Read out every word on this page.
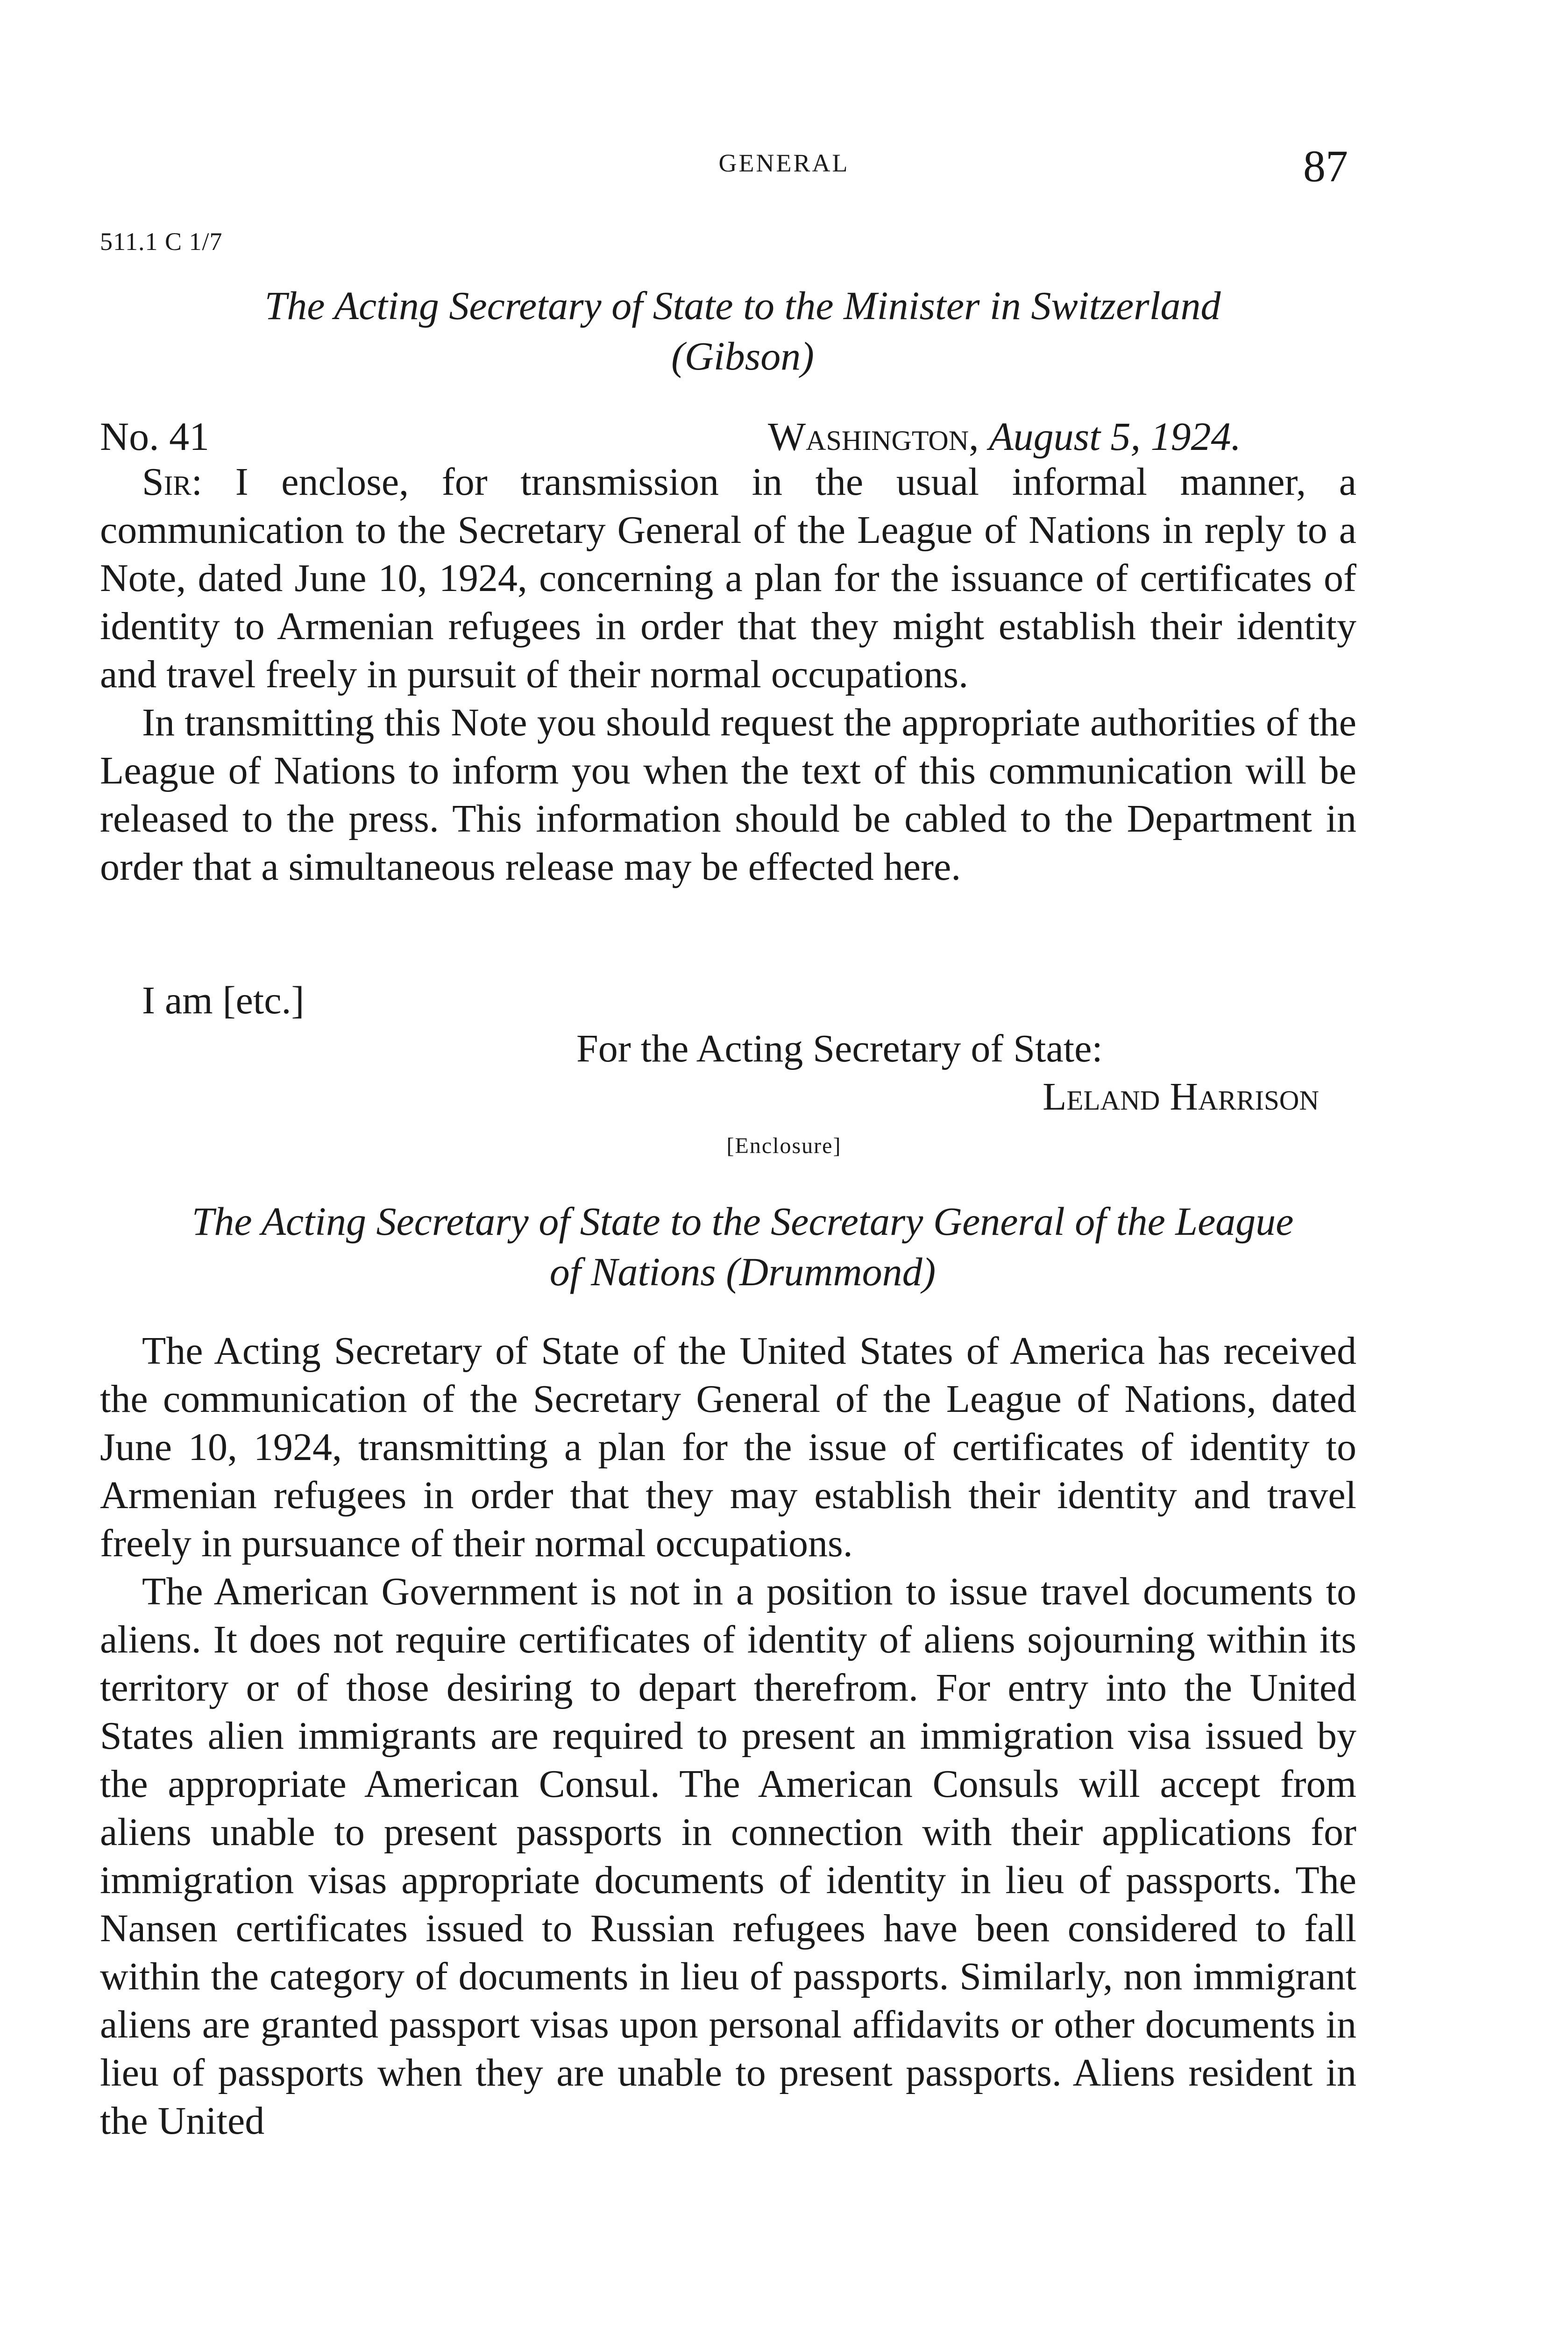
GENERAL	87
511.1 C 1/7
The Acting Secretary of State to the Minister in Switzerland
(Gibson)
No. 41	Washington, August 5, 1924.

Sir: I enclose, for transmission in the usual informal manner, a communication to the Secretary General of the League of Nations in reply to a Note, dated June 10, 1924, concerning a plan for the issuance of certificates of identity to Armenian refugees in order that they might establish their identity and travel freely in pursuit of their normal occupations.

In transmitting this Note you should request the appropriate authorities of the League of Nations to inform you when the text of this communication will be released to the press. This information should be cabled to the Department in order that a simultaneous release may be effected here.

I am [etc.]

For the Acting Secretary of State:

Leland Harrison

[Enclosure]
The Acting Secretary of State to the Secretary General of the League
of Nations (Drummond)

The Acting Secretary of State of the United States of America has received the communication of the Secretary General of the League of Nations, dated June 10, 1924, transmitting a plan for the issue of certificates of identity to Armenian refugees in order that they may establish their identity and travel freely in pursuance of their normal occupations.

The American Government is not in a position to issue travel documents to aliens. It does not require certificates of identity of aliens sojourning within its territory or of those desiring to depart therefrom. For entry into the United States alien immigrants are required to present an immigration visa issued by the appropriate American Consul. The American Consuls will accept from aliens unable to present passports in connection with their applications for immigration visas appropriate documents of identity in lieu of passports. The Nansen certificates issued to Russian refugees have been considered to fall within the category of documents in lieu of passports. Similarly, non immigrant aliens are granted passport visas upon personal affidavits or other documents in lieu of passports when they are unable to present passports. Aliens resident in the United
